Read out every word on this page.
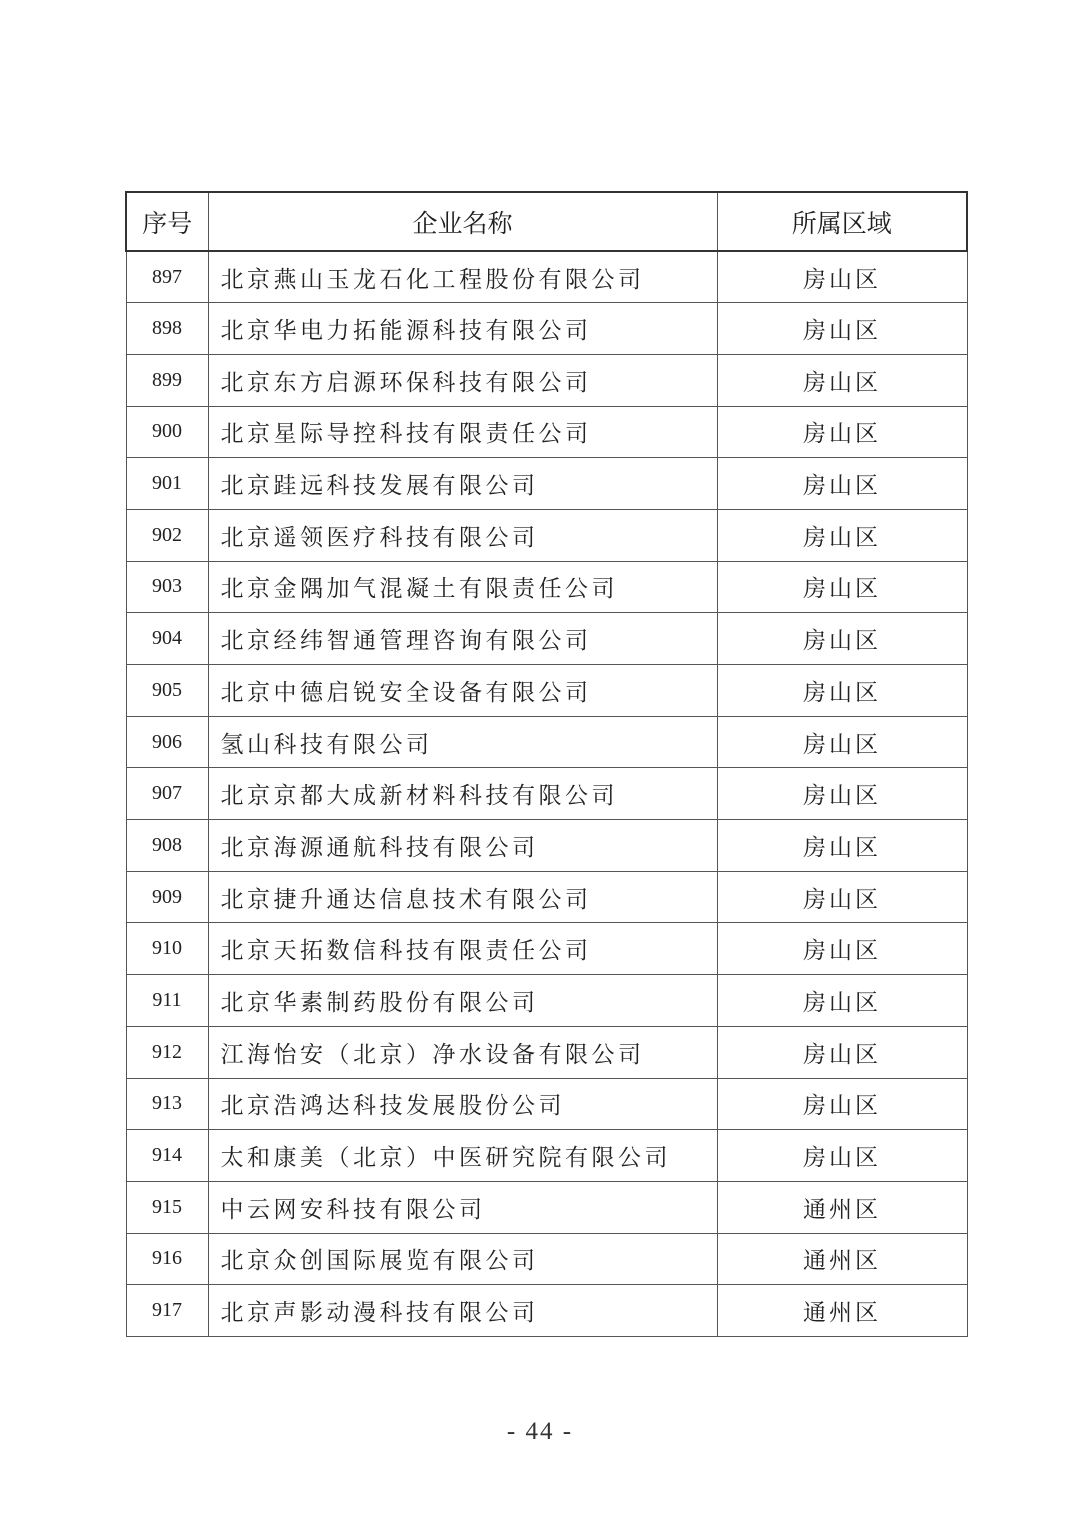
序号	企业名称	所属区域
897	北京燕山玉龙石化工程股份有限公司	房山区
898	北京华电力拓能源科技有限公司	房山区
899	北京东方启源环保科技有限公司	房山区
900	北京星际导控科技有限责任公司	房山区
901	北京跬远科技发展有限公司	房山区
902	北京遥领医疗科技有限公司	房山区
903	北京金隅加气混凝土有限责任公司	房山区
904	北京经纬智通管理咨询有限公司	房山区
905	北京中德启锐安全设备有限公司	房山区
906	氢山科技有限公司	房山区
907	北京京都大成新材料科技有限公司	房山区
908	北京海源通航科技有限公司	房山区
909	北京捷升通达信息技术有限公司	房山区
910	北京天拓数信科技有限责任公司	房山区
911	北京华素制药股份有限公司	房山区
912	江海怡安（北京）净水设备有限公司	房山区
913	北京浩鸿达科技发展股份公司	房山区
914	太和康美（北京）中医研究院有限公司	房山区
915	中云网安科技有限公司	通州区
916	北京众创国际展览有限公司	通州区
917	北京声影动漫科技有限公司	通州区
- 44 -
